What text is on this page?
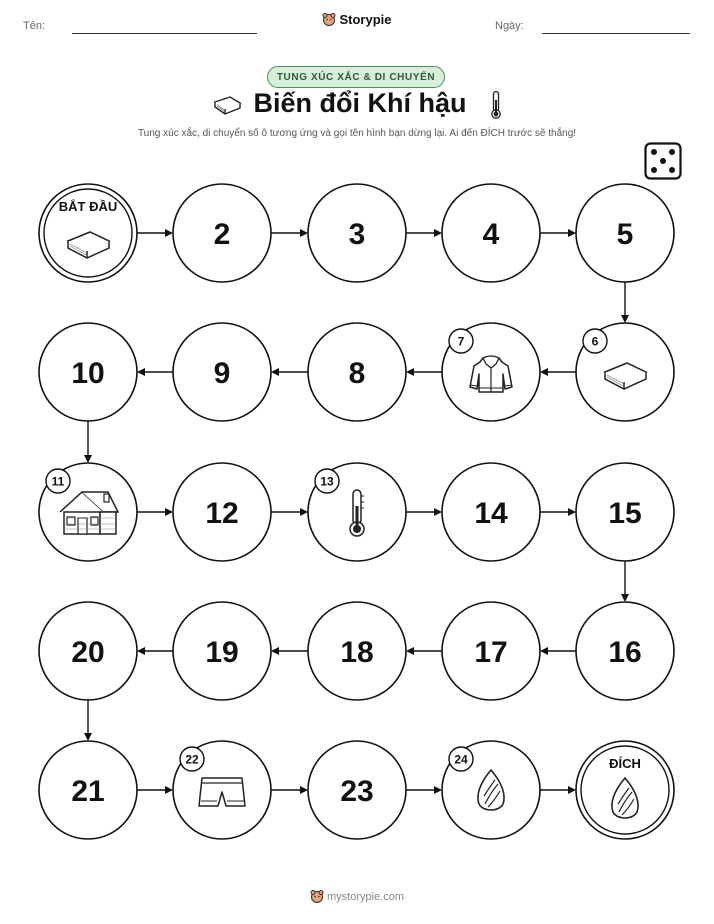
Tên:	Storypie	Ngày:
TUNG XÚC XẮC & DI CHUYỂN
Biến đổi Khí hậu
Tung xúc xắc, di chuyển số ô tương ứng và gọi tên hình bạn dừng lại. Ai đến ĐÍCH trước sẽ thắng!
BẮT ĐẦU
2	3	4	5
6
7
8
9
10
11
12
13
14	15
16
17
18
19
20
21
22
23
24	ĐÍCH
mystorypie.com
